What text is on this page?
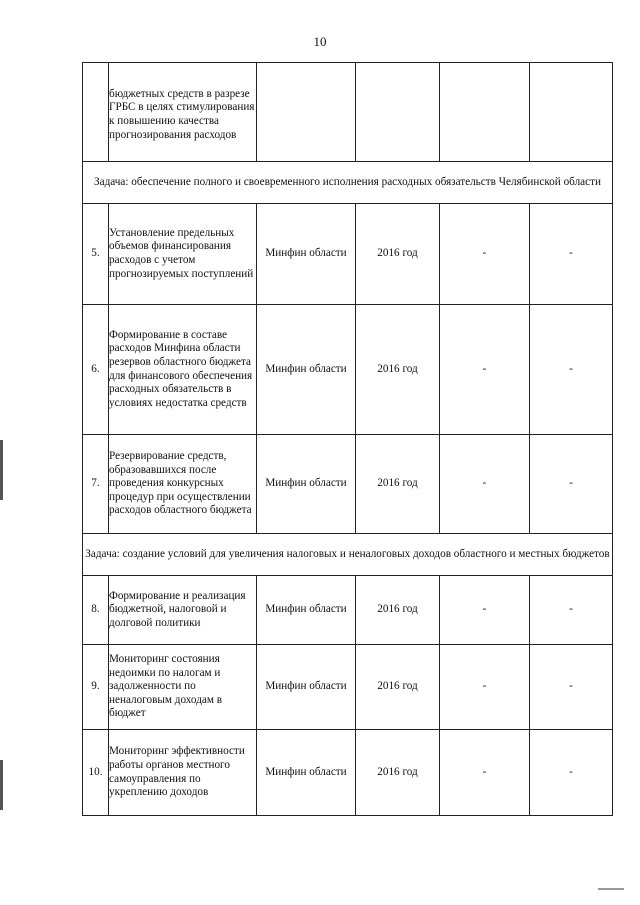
10
	бюджетных средств в разрезе ГРБС в целях стимулирования к повышению качества прогнозирования расходов				
Задача: обеспечение полного и своевременного исполнения расходных обязательств Челябинской области					
5.	Установление предельных объемов финансирования расходов с учетом прогнозируемых поступлений	Минфин области	2016 год	-	-
6.	Формирование в составе расходов Минфина области резервов областного бюджета для финансового обеспечения расходных обязательств в условиях недостатка средств	Минфин области	2016 год	-	-
7.	Резервирование средств, образовавшихся после проведения конкурсных процедур при осуществлении расходов областного бюджета	Минфин области	2016 год	-	-
Задача: создание условий для увеличения налоговых и неналоговых доходов областного и местных бюджетов					
8.	Формирование и реализация бюджетной, налоговой и долговой политики	Минфин области	2016 год	-	-
9.	Мониторинг состояния недоимки по налогам и задолженности по неналоговым доходам в бюджет	Минфин области	2016 год	-	-
10.	Мониторинг эффективности работы органов местного самоуправления по укреплению доходов	Минфин области	2016 год	-	-
